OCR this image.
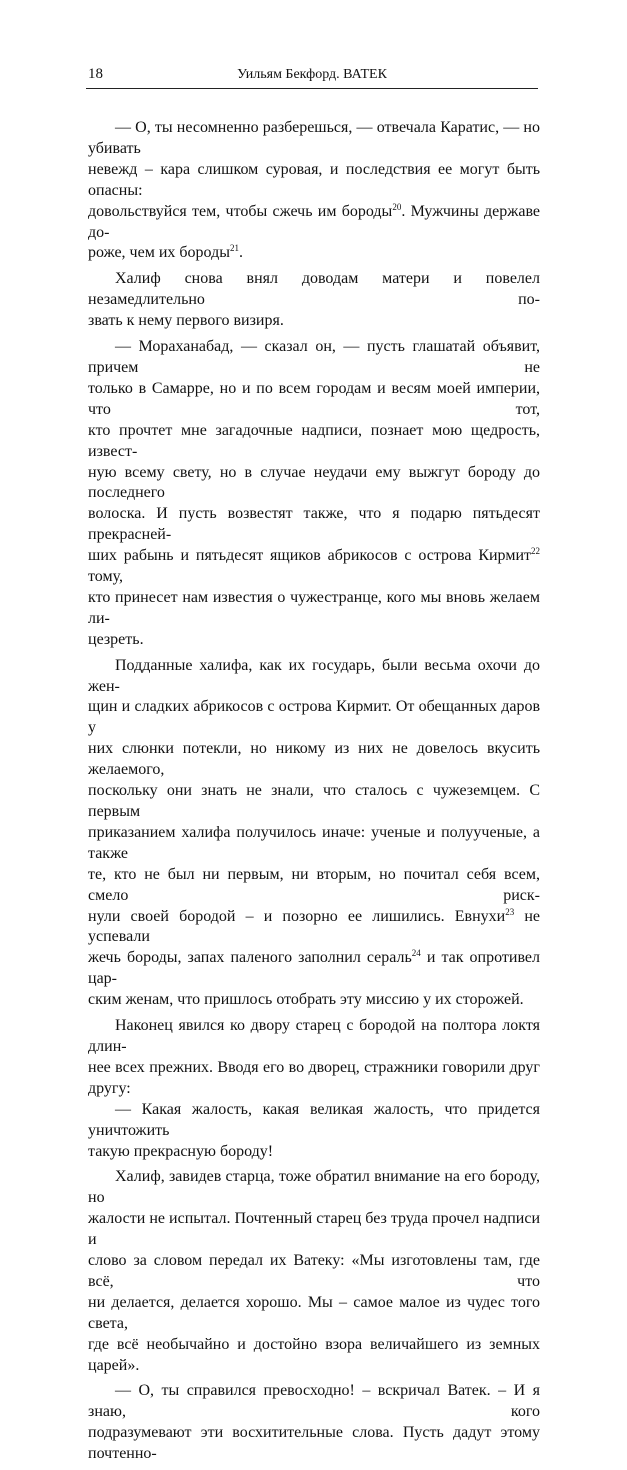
18	Уильям Бекфорд. ВАТЕК

— О, ты несомненно разберешься, — отвечала Каратис, — но убивать
невежд – кара слишком суровая, и последствия ее могут быть опасны:
довольствуйся тем, чтобы сжечь им бороды$^{20}$. Мужчины державе до-
роже, чем их бороды$^{21}$.

Халиф снова внял доводам матери и повелел незамедлительно по-
звать к нему первого визиря.

— Мораханабад, — сказал он, — пусть глашатай объявит, причем не
только в Самарре, но и по всем городам и весям моей империи, что тот,
кто прочтет мне загадочные надписи, познает мою щедрость, извест-
ную всему свету, но в случае неудачи ему выжгут бороду до последнего
волоска. И пусть возвестят также, что я подарю пятьдесят прекрасней-
ших рабынь и пятьдесят ящиков абрикосов с острова Кирмит$^{22}$ тому,
кто принесет нам известия о чужестранце, кого мы вновь желаем ли-
цезреть.

Подданные халифа, как их государь, были весьма охочи до жен-
щин и сладких абрикосов с острова Кирмит. От обещанных даров у
них слюнки потекли, но никому из них не довелось вкусить желаемого,
поскольку они знать не знали, что сталось с чужеземцем. С первым
приказанием халифа получилось иначе: ученые и полуученые, а также
те, кто не был ни первым, ни вторым, но почитал себя всем, смело риск-
нули своей бородой – и позорно ее лишились. Евнухи$^{23}$ не успевали
жечь бороды, запах паленого заполнил сераль$^{24}$ и так опротивел цар-
ским женам, что пришлось отобрать эту миссию у их сторожей.

Наконец явился ко двору старец с бородой на полтора локтя длин-
нее всех прежних. Вводя его во дворец, стражники говорили друг другу:

— Какая жалость, какая великая жалость, что придется уничтожить
такую прекрасную бороду!

Халиф, завидев старца, тоже обратил внимание на его бороду, но
жалости не испытал. Почтенный старец без труда прочел надписи и
слово за словом передал их Ватеку: «Мы изготовлены там, где всё, что
ни делается, делается хорошо. Мы – самое малое из чудес того света,
где всё необычайно и достойно взора величайшего из земных царей».

— О, ты справился превосходно! – вскричал Ватек. – И я знаю, кого
подразумевают эти восхитительные слова. Пусть дадут этому почтенно-
